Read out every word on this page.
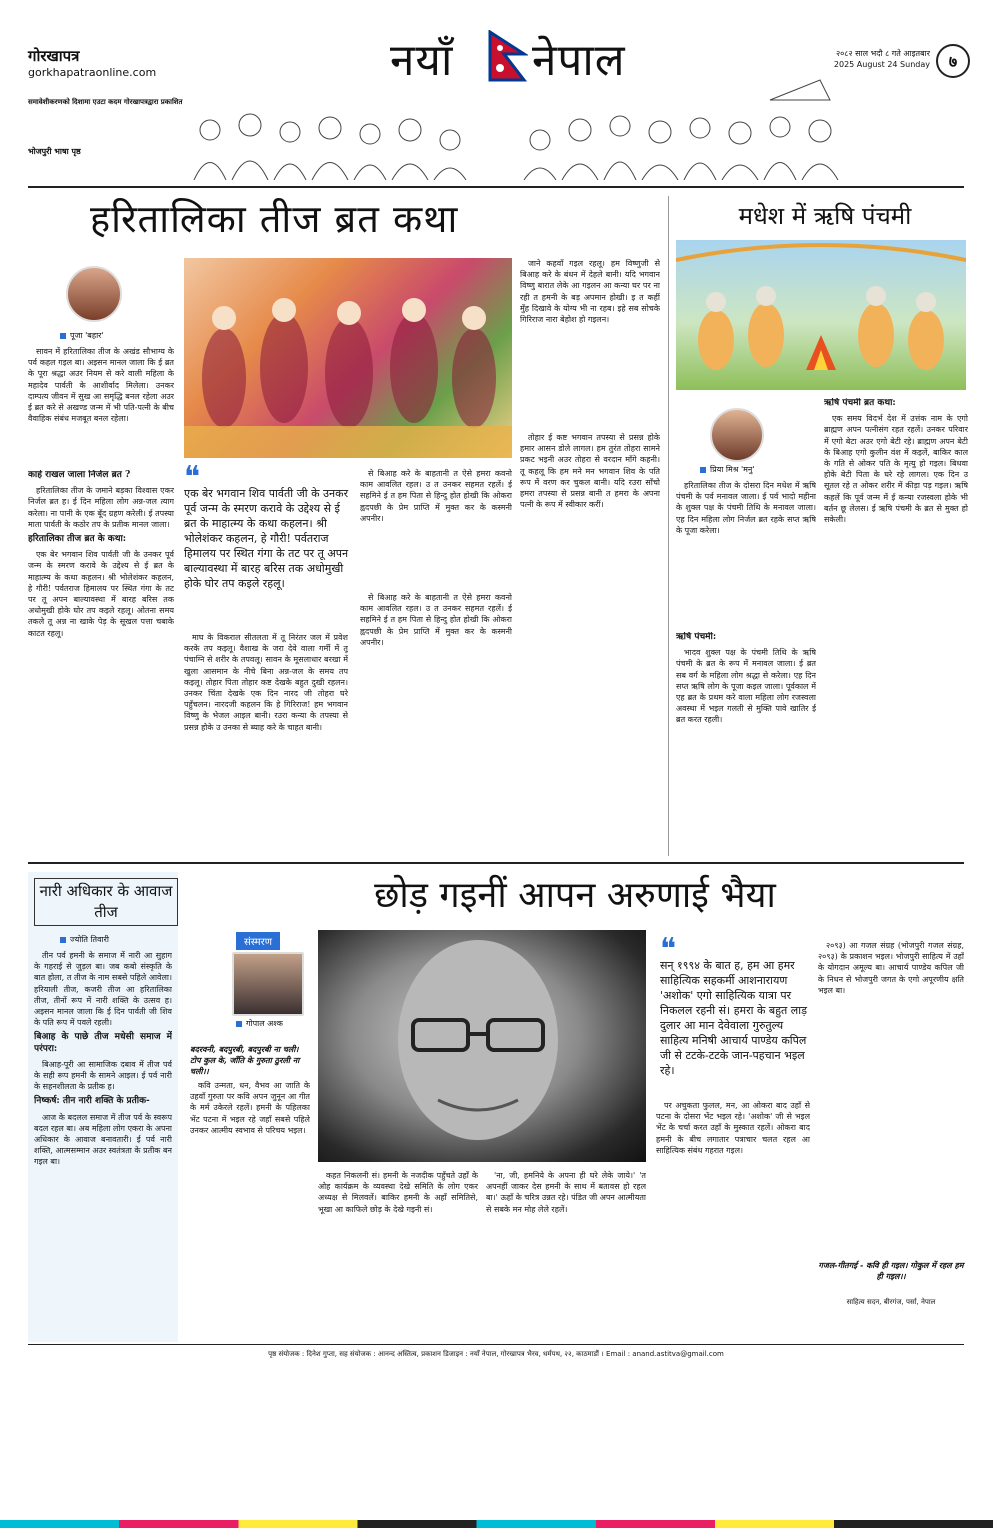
गोरखापत्र
gorkhapatraonline.com
समावेशीकरणको दिशामा एउटा कदम गोरखापत्रद्वारा प्रकाशित
भोजपुरी भाषा पृष्ठ
नयाँ नेपाल	२०८२ साल भदौ ८ गते आइतबार
2025 August 24 Sunday	७
हरितालिका तीज ब्रत कथा
पूजा 'बहार'

सावन में हरितालिका तीज के अखंड सौभाग्य के पर्व कहल गइल बा। अइसन मानल जाला कि ई ब्रत के पूरा श्रद्धा अउर नियम से करे वाली महिला के महादेव पार्वती के आशीर्वाद मिलेला। उनकर दाम्पत्य जीवन में सुख आ समृद्धि बनल रहेला अउर ई ब्रत करे से अखण्ड जन्म में भी पति-पत्नी के बीच वैवाहिक संबंध मजबूत बनल रहेला।

❝
एक बेर भगवान शिव पार्वती जी के उनकर पूर्व जन्म के स्मरण करावे के उद्देश्य से ई ब्रत के माहात्म्य के कथा कहलन। श्री भोलेशंकर कहलन, हे गौरी! पर्वतराज हिमालय पर स्थित गंगा के तट पर तू अपन बाल्यावस्था में बारह बरिस तक अधोमुखी होके घोर तप कइले रहलू।

काहे राखल जाला निर्जल ब्रत ?

हरितालिका तीज के जमाने बड़का विश्वास एकर निर्जल ब्रत ह। ई दिन महिला लोग अन्न-जल त्याग करेला। ना पानी के एक बूँद ग्रहण करेली। ई तपस्या माता पार्वती के कठोर तप के प्रतीक मानल जाला।

हरितालिका तीज ब्रत के कथा:

एक बेर भगवान शिव पार्वती जी के उनकर पूर्व जन्म के स्मरण करावे के उद्देश्य से ई ब्रत के माहात्म्य के कथा कहलन। श्री भोलेशंकर कहलन, हे गौरी! पर्वतराज हिमालय पर स्थित गंगा के तट पर तू अपन बाल्यावस्था में बारह बरिस तक अधोमुखी होके घोर तप कइले रहलू। ओतना समय तकले तू अन्न ना खाके पेड़ के सूखल पत्ता चबाके काटत रहलू।

से बिआह करे के बाहतानी त ऐसे हमरा कवनो काम आवलित रहल। उ त उनकर सहमत रहलें। ई सहमिने ई त हम पिता से हिन्दु होत होखी कि ओकरा ह्वदपछी के प्रेम प्राप्ति में मुक्त कर के कस्मनी अपनीर।

माघ के विकराल सीतलता में तू निरंतर जल में प्रवेश करके तप कइलू। वैशाख के जरा देवे वाला गर्मी में तू पंचाग्नि से शरीर के तपवलू। सावन के मूसलाधार बरखा में खुला आसमान के नीचे बिना अन्न-जल के समय तप कइलू। तोहार पिता तोहार कष्ट देखके बहुत दुखी रहलन। उनकर चिंता देखके एक दिन नारद जी तोहरा घरे पहुँचलन। नारदजी कहलन कि हे गिरिराज! हम भगवान विष्णु के भेजल आइल बानी। रउरा कन्या के तपस्या से प्रसन्न होके उ उनका से ब्याह करे के चाहत बानी।

से बिआह करे के बाहतानी त ऐसे हमरा कवनो काम आवलित रहल। उ त उनकर सहमत रहलें। ई सहमिने ई त हम पिता से हिन्दु होत होखी कि ओकरा ह्वदपछी के प्रेम प्राप्ति में मुक्त कर के कस्मनी अपनीर।

जाने कहवाँ गइल रहलू। हम विष्णुजी से बिआह करे के बंधन में देहले बानी। यदि भगवान विष्णु बारात लेके आ गइलन आ कन्या घर पर ना रही त हमनी के बड़ अपमान होखी। इ त कहीं मुँह दिखावे के योग्य भी ना रहब। इहे सब सोचके गिरिराज नारा बेहोश हो गइलन।

तोहार ई कष्ट भगवान तपस्या से प्रसन्न होके हमार आसन डोले लागल। हम तुरंत तोहरा सामने प्रकट भइनी अउर तोहरा से वरदान माँगे कहनी। तू कहलू कि हम मने मन भगवान शिव के पति रूप में वरण कर चुकल बानी। यदि रउरा साँचो हमरा तपस्या से प्रसन्न बानी त हमरा के अपना पत्नी के रूप में स्वीकार करीं।

मधेश में ऋषि पंचमी
प्रिया मिश्र 'मनु'

हरितालिका तीज के दोसरा दिन मधेश में ऋषि पंचमी के पर्व मनावल जाला। ई पर्व भादो महीना के शुक्ल पक्ष के पंचमी तिथि के मनावल जाला। एह दिन महिला लोग निर्जल ब्रत रहके सप्त ऋषि के पूजा करेला।

ऋषि पंचमी:

भादव शुक्ल पक्ष के पंचमी तिथि के ऋषि पंचमी के ब्रत के रूप में मनावल जाला। ई ब्रत सब वर्ग के महिला लोग श्रद्धा से करेला। एह दिन सप्त ऋषि लोग के पूजा कइल जाला। पूर्वकाल में एह ब्रत के प्रथम करे वाला महिला लोग रजस्वला अवस्था में भइल गलती से मुक्ति पावे खातिर ई ब्रत करत रहली।

ऋषि पंचमी ब्रत कथा:

एक समय विदर्भ देश में उत्तंक नाम के एगो ब्राह्मण अपन पत्नीसंग रहत रहलें। उनकर परिवार में एगो बेटा अउर एगो बेटी रहे। ब्राह्मण अपन बेटी के बिआह एगो कुलीन वंश में कइलें, बाकिर काल के गति से ओकर पति के मृत्यु हो गइल। बिधवा होके बेटी पिता के घरे रहे लागल। एक दिन उ सूतल रहे त ओकर शरीर में कीड़ा पड़ गइल। ऋषि कहलें कि पूर्व जन्म में ई कन्या रजस्वला होके भी बर्तन छू लेलस। ई ऋषि पंचमी के ब्रत से मुक्त हो सकेली।

नारी अधिकार के आवाज तीज
ज्योति तिवारी

तीन पर्व हमनी के समाज में नारी आ सुहाग के गहराई से जुड़ल बा। जब कबो संस्कृति के बात होला, त तीज के नाम सबसे पहिले आवेला। हरियाली तीज, कजरी तीज आ हरितालिका तीज, तीनों रूप में नारी शक्ति के उत्सव ह। अइसन मानल जाला कि ई दिन पार्वती जी शिव के पति रूप में पवले रहली।

बिआह के पाछे तीज मधेसी समाज में परंपरा:

बिआह-पूरी आ सामाजिक दबाव में तीज पर्व के सही रूप हमनी के सामने आइल। ई पर्व नारी के सहनशीलता के प्रतीक ह।

निष्कर्ष: तीन नारी शक्ति के प्रतीक-

आज के बदलल समाज में तीज पर्व के स्वरूप बदल रहल बा। अब महिला लोग एकरा के अपना अधिकार के आवाज बनावतारी। ई पर्व नारी शक्ति, आत्मसम्मान अउर स्वतंत्रता के प्रतीक बन गइल बा।

छोड़ गइनीं आपन अरुणाई भैया
संस्मरण
गोपाल अश्क
❝
सन् १९९४ के बात ह, हम आ हमर साहित्यिक सहकर्मी आशनारायण 'अशोक' एगो साहित्यिक यात्रा पर निकलल रहनी सं। हमरा के बहुत लाड़ दुलार आ मान देवेवाला गुरुतुल्य साहित्य मनिषी आचार्य पाण्डेय कपिल जी से टटके-टटके जान-पहचान भइल रहे।
बदरवनी, बदपुरबी, बदपुरबी ना चली। टोप कुल के, जाँति के गुरुता ठुरली ना चली।।

कवि उन्मता, धन, वैभव आ जाति के उहवाँ गुरुता पर कवि अपन जुनून आ गीत के मर्म उकेरले रहलें। हमनी के पहिलका भेंट पटना में भइल रहे जहाँ सबसे पहिले उनकर आत्मीय स्वभाव से परिचय भइल।

कहत निकलनी सं। हमनी के नजदीक पहुँचते उहाँ के ओह कार्यक्रम के व्यवस्था देखे समिति के लोग एकर अध्यक्ष से मिलवलें। बाकिर हमनी के अहाँ समितिसे, भूखा आ काफिले छोड़ के देखे गइनी सं।

'ना, जी, हमनिये के अपना ही घरे लेके जाये।' 'त अपनहीं जाकर देस हमनी के साथ में बतावस हो रहल बा।' ऊहाँ के चरित्र उन्नत रहे। पंडित जी अपन आत्मीयता से सबके मन मोह लेले रहलें।

पर अचुकता फुलल, मन, आ ओकरा बाद उहाँ से पटना के दोसरा भेंट भइल रहे। 'अशोक' जी से भइल भेंट के चर्चा करत उहाँ के मुस्कात रहलें। ओकरा बाद हमनी के बीच लगातार पत्राचार चलत रहल आ साहित्यिक संबंध गहरात गइल।

२०९३) आ गजल संग्रह (भोजपुरी गजल संग्रह, २०९३) के प्रकाशन भइल। भोजपुरी साहित्य में उहाँ के योगदान अमूल्य बा। आचार्य पाण्डेय कपिल जी के निधन से भोजपुरी जगत के एगो अपूरणीय क्षति भइल बा।

गजल-गीतगई - कवि ही गइल। गोकुल में रहल हम ही गइल।।
साहित्य सदन, बीरगंज, पर्सा, नेपाल
पृष्ठ संयोजक : दिनेश गुप्ता, सह संयोजक : आनन्द अस्तित्व, प्रकाशन डिजाइन : नयाँ नेपाल, गोरखापत्र भैरव, धर्मपथ, २२, काठमाडौं । Email : anand.astitva@gmail.com
